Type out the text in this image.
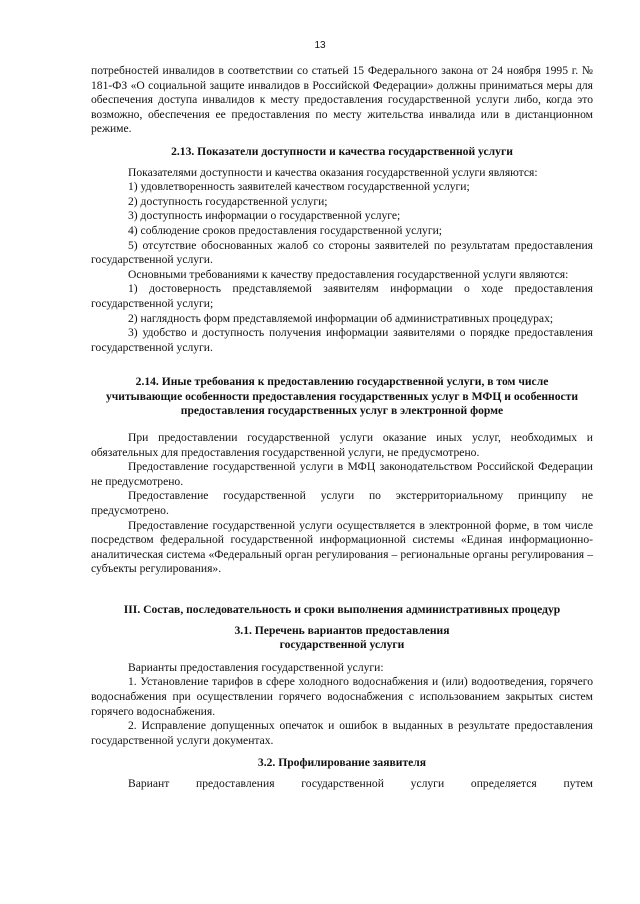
13

потребностей инвалидов в соответствии со статьей 15 Федерального закона от 24 ноября 1995 г. № 181-ФЗ «О социальной защите инвалидов в Российской Федерации» должны приниматься меры для обеспечения доступа инвалидов к месту предоставления государственной услуги либо, когда это возможно, обеспечения ее предоставления по месту жительства инвалида или в дистанционном режиме.

2.13. Показатели доступности и качества государственной услуги

Показателями доступности и качества оказания государственной услуги являются:

1) удовлетворенность заявителей качеством государственной услуги;

2) доступность государственной услуги;

3) доступность информации о государственной услуге;

4) соблюдение сроков предоставления государственной услуги;

5) отсутствие обоснованных жалоб со стороны заявителей по результатам предоставления государственной услуги.

Основными требованиями к качеству предоставления государственной услуги являются:

1) достоверность представляемой заявителям информации о ходе предоставления государственной услуги;

2) наглядность форм представляемой информации об административных процедурах;

3) удобство и доступность получения информации заявителями о порядке предоставления государственной услуги.

2.14. Иные требования к предоставлению государственной услуги, в том числе учитывающие особенности предоставления государственных услуг в МФЦ и особенности предоставления государственных услуг в электронной форме

При предоставлении государственной услуги оказание иных услуг, необходимых и обязательных для предоставления государственной услуги, не предусмотрено.

Предоставление государственной услуги в МФЦ законодательством Российской Федерации не предусмотрено.

Предоставление государственной услуги по экстерриториальному принципу не предусмотрено.

Предоставление государственной услуги осуществляется в электронной форме, в том числе посредством федеральной государственной информационной системы «Единая информационно-аналитическая система «Федеральный орган регулирования – региональные органы регулирования – субъекты регулирования».

III. Состав, последовательность и сроки выполнения административных процедур
3.1. Перечень вариантов предоставления
государственной услуги

Варианты предоставления государственной услуги:

1. Установление тарифов в сфере холодного водоснабжения и (или) водоотведения, горячего водоснабжения при осуществлении горячего водоснабжения с использованием закрытых систем горячего водоснабжения.

2. Исправление допущенных опечаток и ошибок в выданных в результате предоставления государственной услуги документах.

3.2. Профилирование заявителя

Вариант предоставления государственной услуги определяется путем
